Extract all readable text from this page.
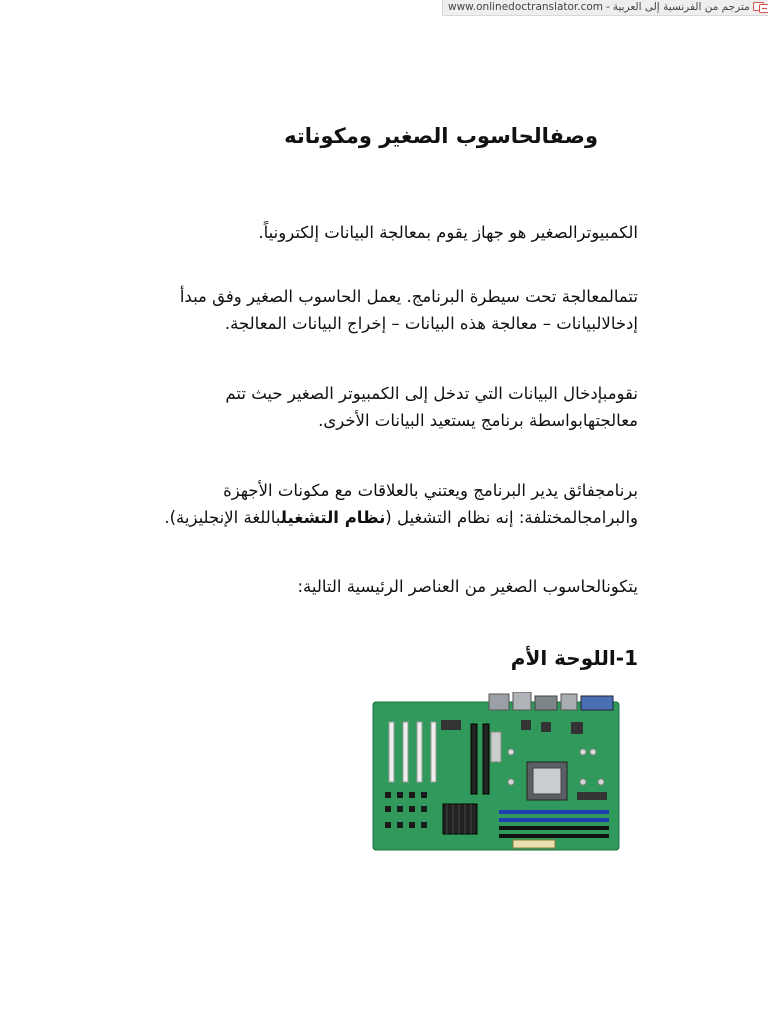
www.onlinedoctranslator.com - مترجم من الفرنسية إلى العربية
وصفالحاسوب الصغير ومكوناته

الكمبيوترالصغير هو جهاز يقوم بمعالجة البيانات إلكترونياً.

تتمالمعالجة تحت سيطرة البرنامج. يعمل الحاسوب الصغير وفق مبدأ إدخالالبيانات – معالجة هذه البيانات – إخراج البيانات المعالجة.

نقومبإدخال البيانات التي تدخل إلى الكمبيوتر الصغير حيث تتم معالجتهابواسطة برنامج يستعيد البيانات الأخرى.

برنامجفائق يدير البرنامج ويعتني بالعلاقات مع مكونات الأجهزة والبرامجالمختلفة: إنه نظام التشغيل (نظام التشغيلباللغة الإنجليزية).

يتكونالحاسوب الصغير من العناصر الرئيسية التالية:

1-اللوحة الأم
